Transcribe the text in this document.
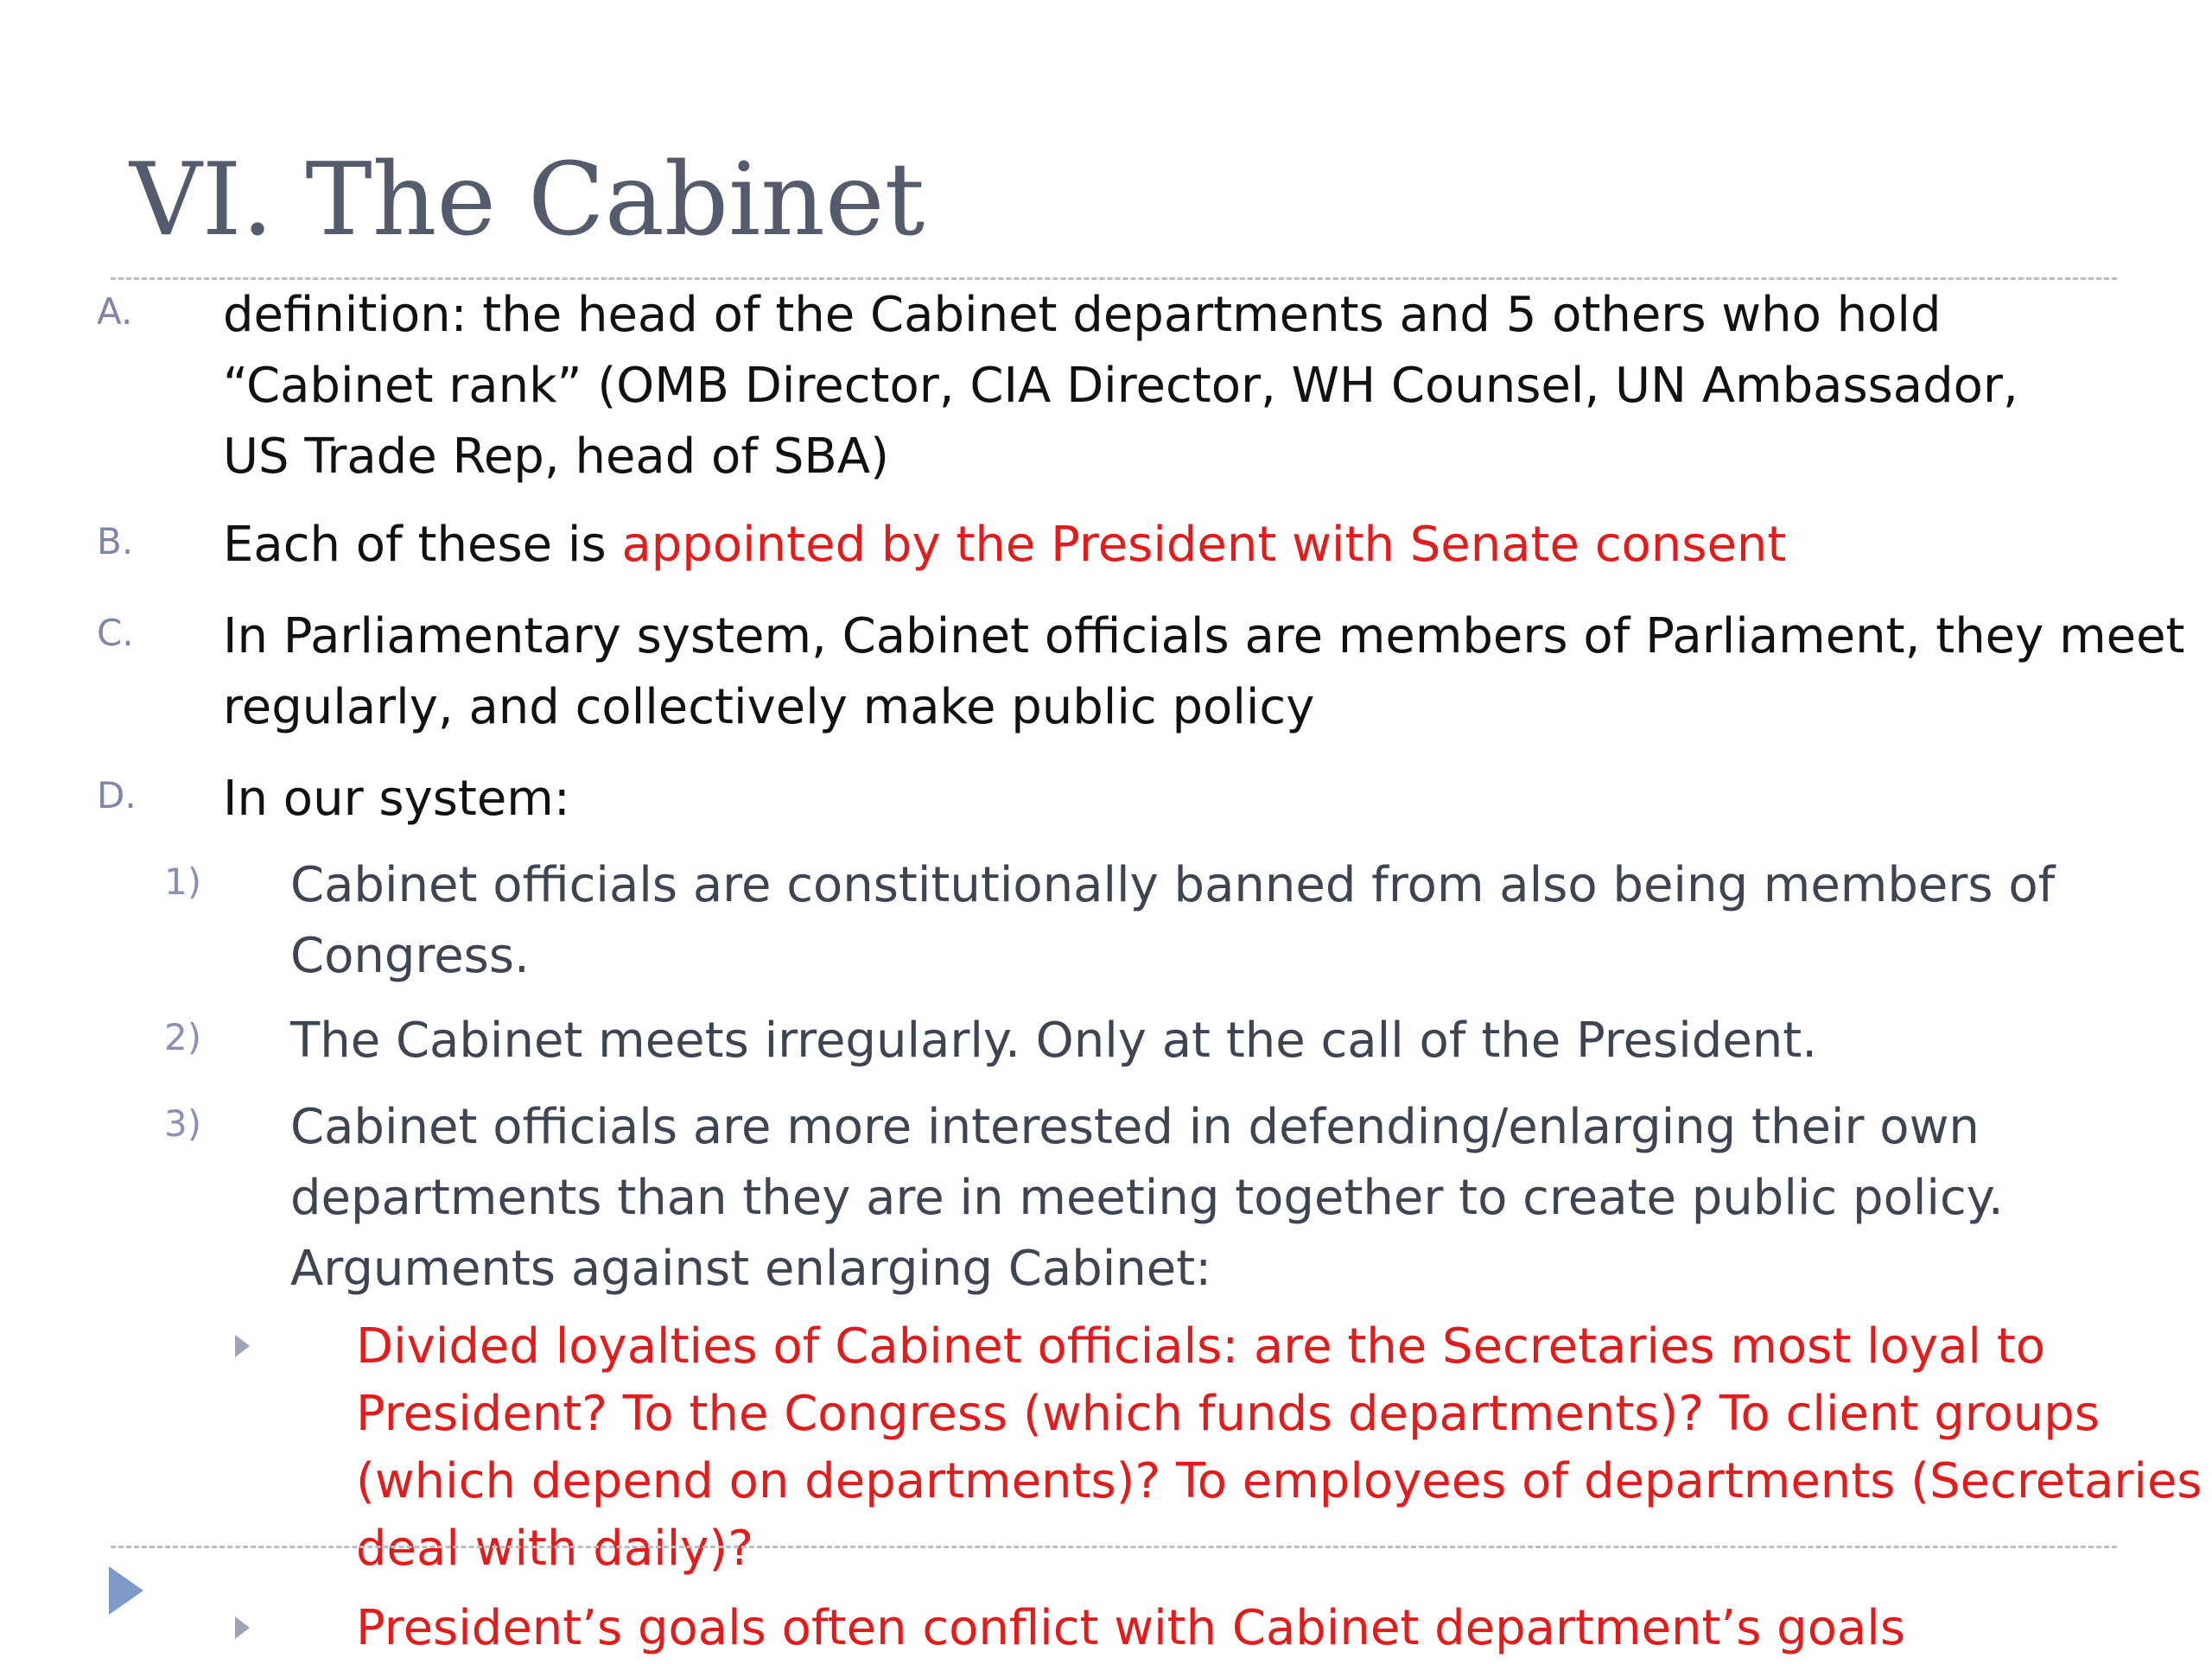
VI. The Cabinet
A. definition: the head of the Cabinet departments and 5 others who hold
“Cabinet rank” (OMB Director, CIA Director, WH Counsel, UN Ambassador,
US Trade Rep, head of SBA)
B. Each of these is appointed by the President with Senate consent
C. In Parliamentary system, Cabinet officials are members of Parliament, they meet
regularly, and collectively make public policy
D. In our system:
1) Cabinet officials are constitutionally banned from also being members of
Congress.
2) The Cabinet meets irregularly. Only at the call of the President.
3) Cabinet officials are more interested in defending/enlarging their own
departments than they are in meeting together to create public policy.
Arguments against enlarging Cabinet:
Divided loyalties of Cabinet officials: are the Secretaries most loyal to
President? To the Congress (which funds departments)? To client groups
(which depend on departments)? To employees of departments (Secretaries
deal with daily)?
President’s goals often conflict with Cabinet department’s goals
